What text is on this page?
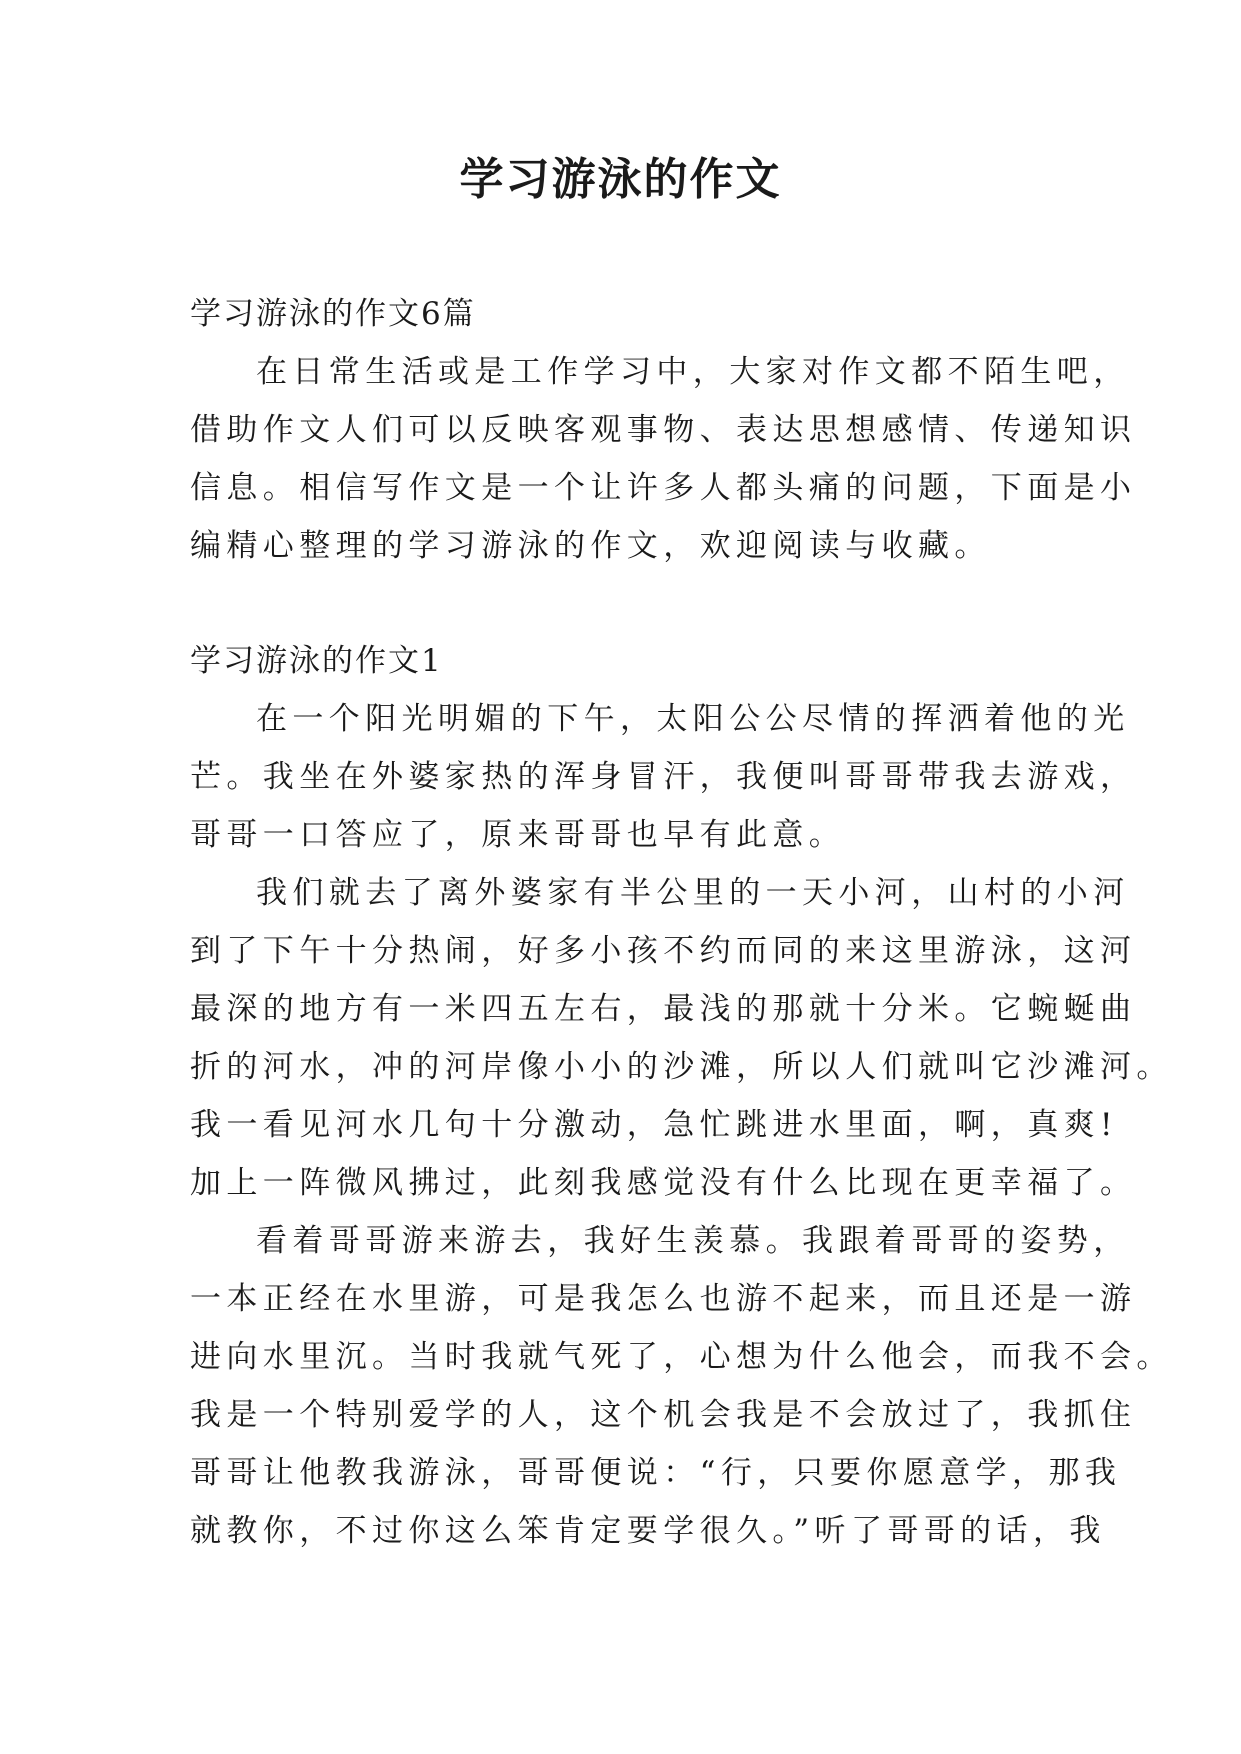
学习游泳的作文
学习游泳的作文6篇
在日常生活或是工作学习中，大家对作文都不陌生吧，
借助作文人们可以反映客观事物、表达思想感情、传递知识
信息。相信写作文是一个让许多人都头痛的问题，下面是小
编精心整理的学习游泳的作文，欢迎阅读与收藏。
学习游泳的作文1
在一个阳光明媚的下午，太阳公公尽情的挥洒着他的光
芒。我坐在外婆家热的浑身冒汗，我便叫哥哥带我去游戏，
哥哥一口答应了，原来哥哥也早有此意。
我们就去了离外婆家有半公里的一天小河，山村的小河
到了下午十分热闹，好多小孩不约而同的来这里游泳，这河
最深的地方有一米四五左右，最浅的那就十分米。它蜿蜒曲
折的河水，冲的河岸像小小的沙滩，所以人们就叫它沙滩河。
我一看见河水几句十分激动，急忙跳进水里面，啊，真爽!
加上一阵微风拂过，此刻我感觉没有什么比现在更幸福了。
看着哥哥游来游去，我好生羡慕。我跟着哥哥的姿势，
一本正经在水里游，可是我怎么也游不起来，而且还是一游
进向水里沉。当时我就气死了，心想为什么他会，而我不会。
我是一个特别爱学的人，这个机会我是不会放过了，我抓住
哥哥让他教我游泳，哥哥便说：“行，只要你愿意学，那我
就教你，不过你这么笨肯定要学很久。”听了哥哥的话，我
